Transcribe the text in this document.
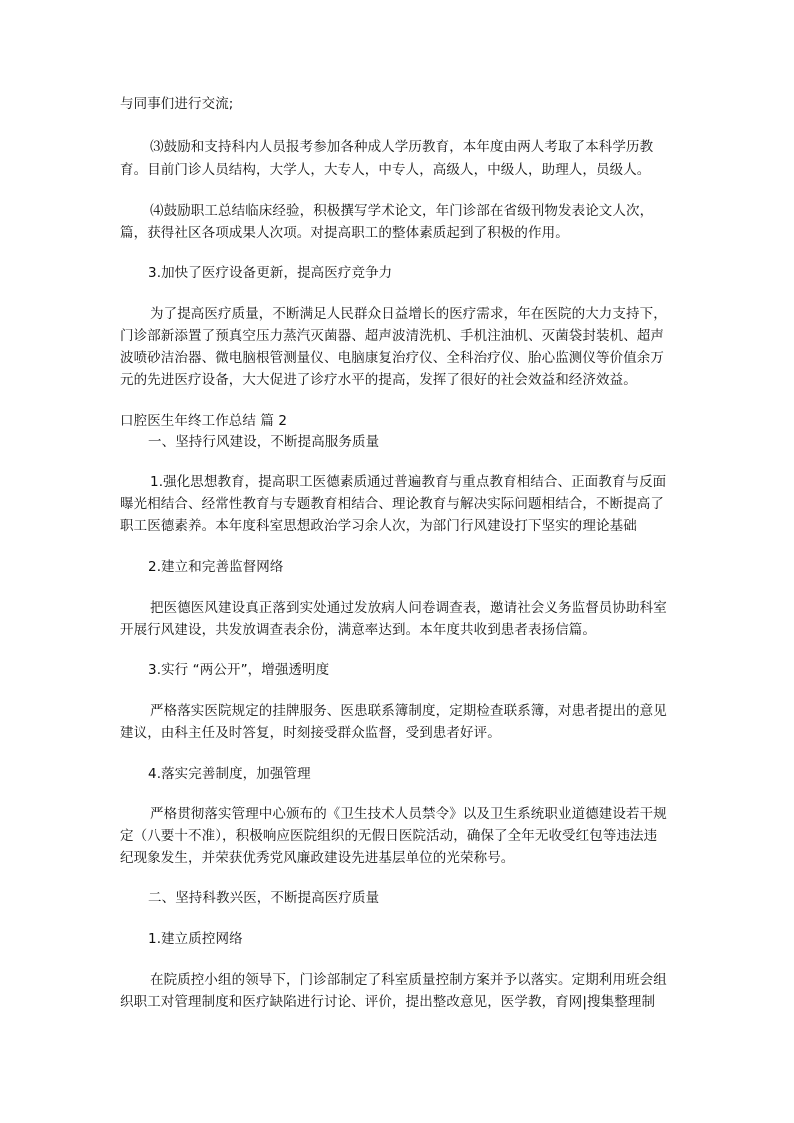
与同事们进行交流;
⑶鼓励和支持科内人员报考参加各种成人学历教育，本年度由两人考取了本科学历教
育。目前门诊人员结构，大学人，大专人，中专人，高级人，中级人，助理人，员级人。
⑷鼓励职工总结临床经验，积极撰写学术论文，年门诊部在省级刊物发表论文人次，
篇，获得社区各项成果人次项。对提高职工的整体素质起到了积极的作用。
3.加快了医疗设备更新，提高医疗竞争力
为了提高医疗质量，不断满足人民群众日益增长的医疗需求，年在医院的大力支持下，
门诊部新添置了预真空压力蒸汽灭菌器、超声波清洗机、手机注油机、灭菌袋封装机、超声
波喷砂洁治器、微电脑根管测量仪、电脑康复治疗仪、全科治疗仪、胎心监测仪等价值余万
元的先进医疗设备，大大促进了诊疗水平的提高，发挥了很好的社会效益和经济效益。
口腔医生年终工作总结 篇 2
一、坚持行风建设，不断提高服务质量
1.强化思想教育，提高职工医德素质通过普遍教育与重点教育相结合、正面教育与反面
曝光相结合、经常性教育与专题教育相结合、理论教育与解决实际问题相结合，不断提高了
职工医德素养。本年度科室思想政治学习余人次，为部门行风建设打下坚实的理论基础
2.建立和完善监督网络
把医德医风建设真正落到实处通过发放病人问卷调查表，邀请社会义务监督员协助科室
开展行风建设，共发放调查表余份，满意率达到。本年度共收到患者表扬信篇。
3.实行 “两公开”，增强透明度
严格落实医院规定的挂牌服务、医患联系簿制度，定期检查联系簿，对患者提出的意见
建议，由科主任及时答复，时刻接受群众监督，受到患者好评。
4.落实完善制度，加强管理
严格贯彻落实管理中心颁布的《卫生技术人员禁令》以及卫生系统职业道德建设若干规
定（八要十不准），积极响应医院组织的无假日医院活动，确保了全年无收受红包等违法违
纪现象发生，并荣获优秀党风廉政建设先进基层单位的光荣称号。
二、坚持科教兴医，不断提高医疗质量
1.建立质控网络
在院质控小组的领导下，门诊部制定了科室质量控制方案并予以落实。定期利用班会组
织职工对管理制度和医疗缺陷进行讨论、评价，提出整改意见，医学教，育网|搜集整理制
